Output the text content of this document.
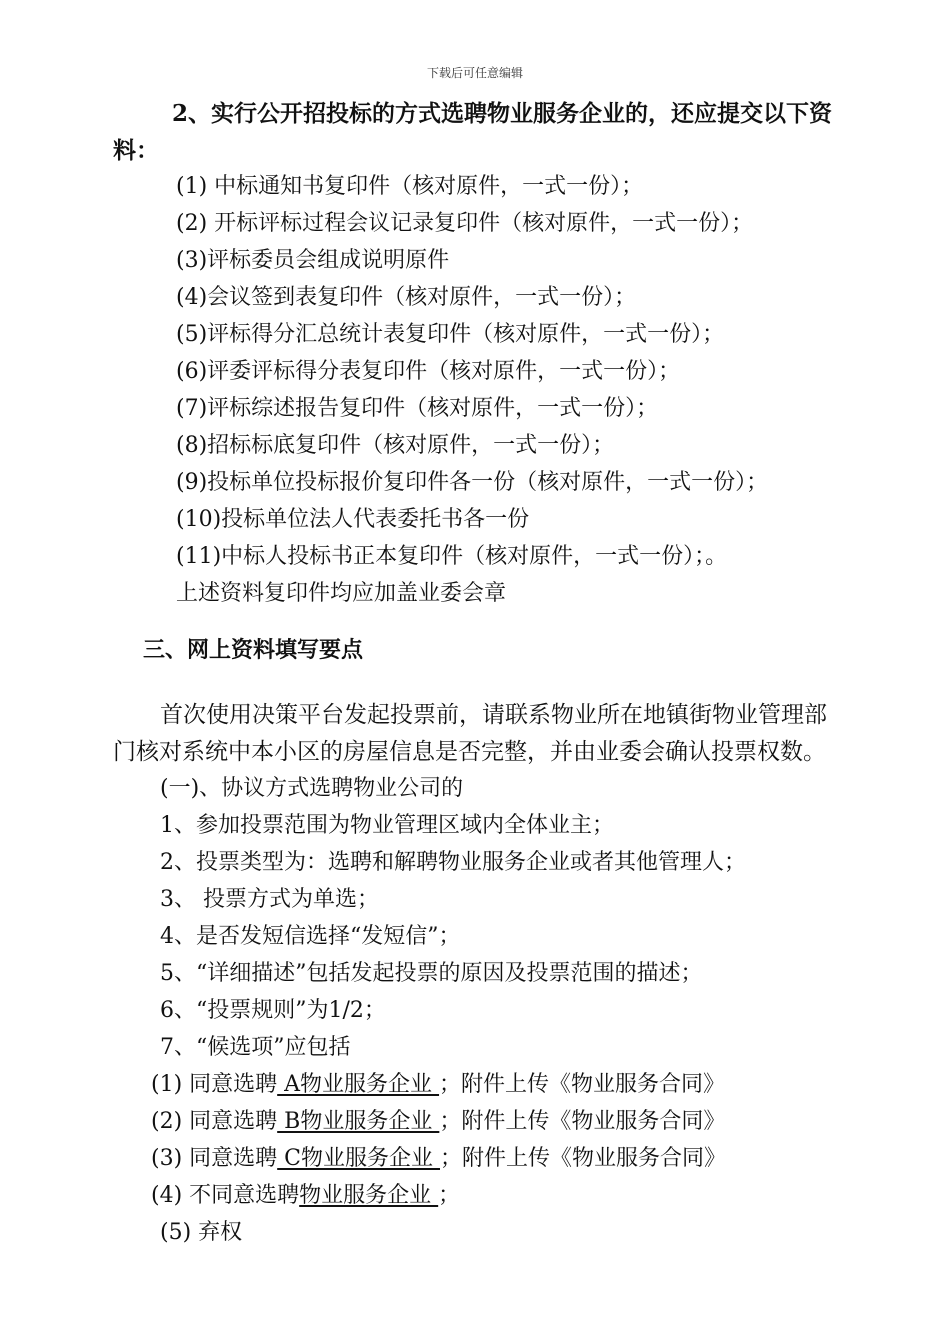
下载后可任意编辑
2、实行公开招投标的方式选聘物业服务企业的，还应提交以下资
料：
(1) 中标通知书复印件（核对原件，一式一份）；
(2) 开标评标过程会议记录复印件（核对原件，一式一份）；
(3)评标委员会组成说明原件
(4)会议签到表复印件（核对原件，一式一份）；
(5)评标得分汇总统计表复印件（核对原件，一式一份）；
(6)评委评标得分表复印件（核对原件，一式一份）；
(7)评标综述报告复印件（核对原件，一式一份）；
(8)招标标底复印件（核对原件，一式一份）；
(9)投标单位投标报价复印件各一份（核对原件，一式一份）；
(10)投标单位法人代表委托书各一份
(11)中标人投标书正本复印件（核对原件，一式一份）；。
上述资料复印件均应加盖业委会章
三、网上资料填写要点
首次使用决策平台发起投票前，请联系物业所在地镇街物业管理部
门核对系统中本小区的房屋信息是否完整，并由业委会确认投票权数。
(一)、协议方式选聘物业公司的
1、参加投票范围为物业管理区域内全体业主；
2、投票类型为：选聘和解聘物业服务企业或者其他管理人；
3、 投票方式为单选；
4、是否发短信选择“发短信”；
5、“详细描述”包括发起投票的原因及投票范围的描述；
6、“投票规则”为1/2；
7、“候选项”应包括
(1) 同意选聘 A物业服务企业 ；附件上传《物业服务合同》
(2) 同意选聘 B物业服务企业 ；附件上传《物业服务合同》
(3) 同意选聘 C物业服务企业 ；附件上传《物业服务合同》
(4) 不同意选聘物业服务企业 ；
(5) 弃权
